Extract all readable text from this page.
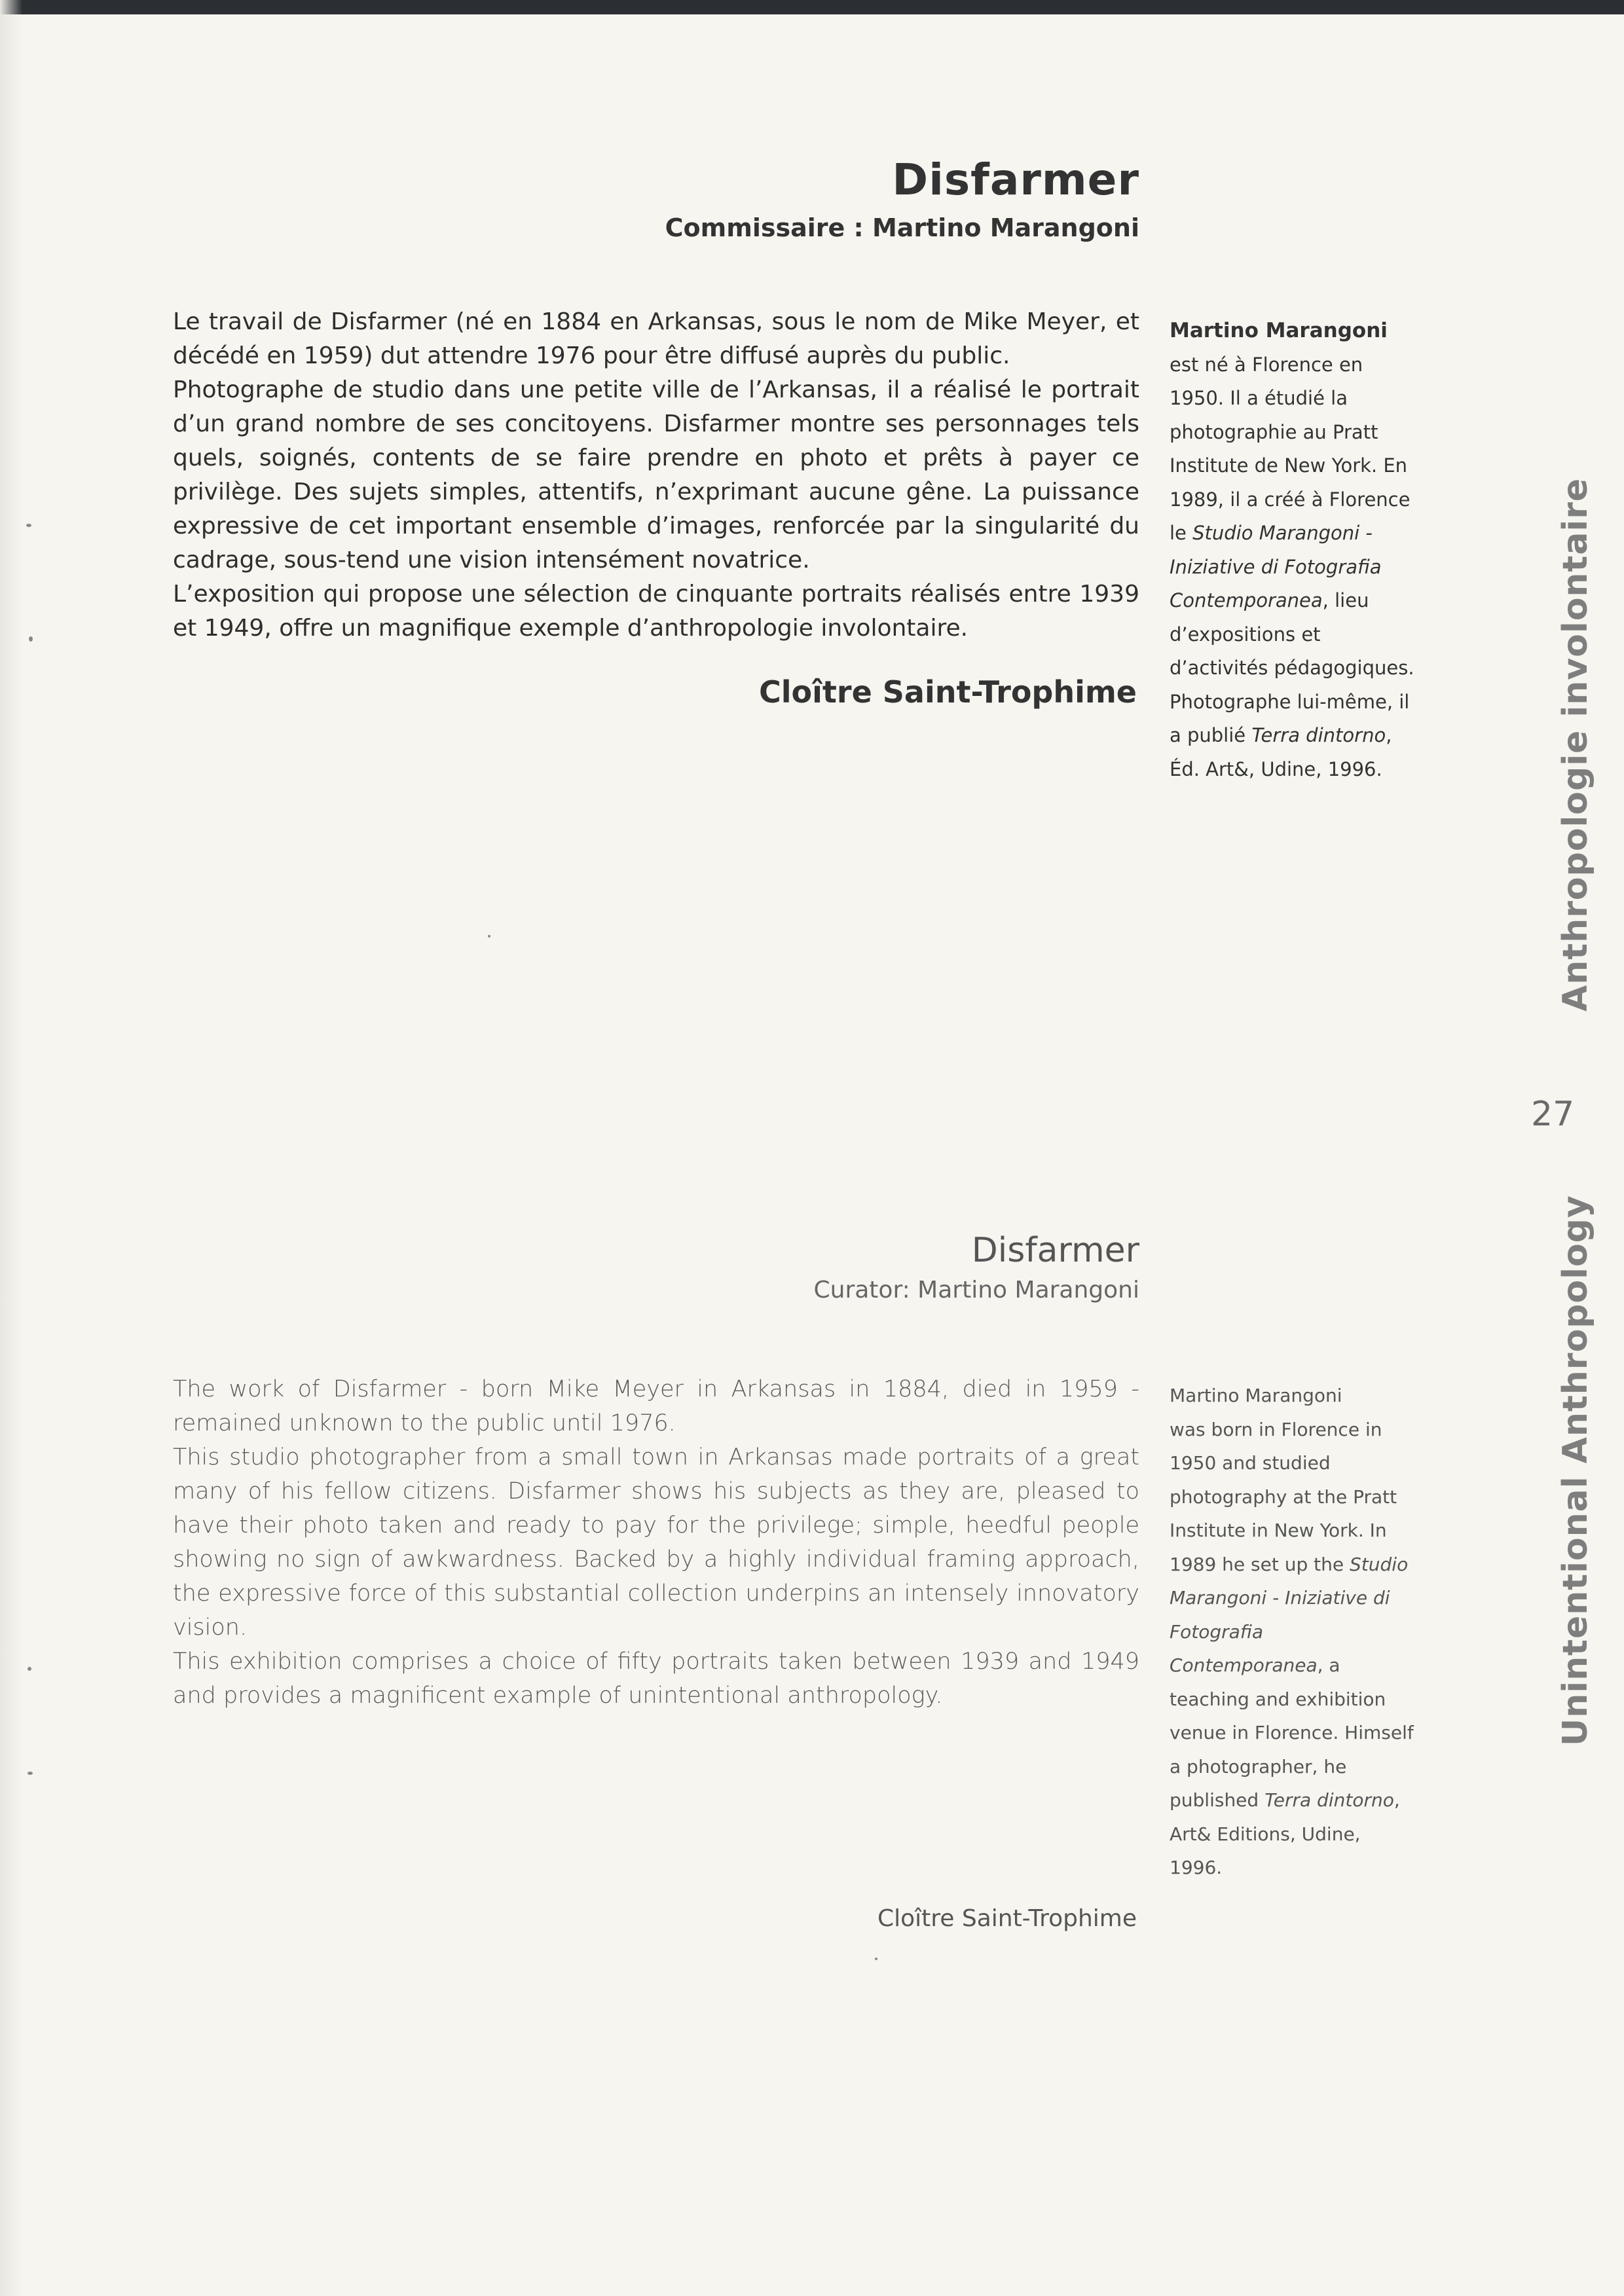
Disfarmer
Commissaire : Martino Marangoni

Le travail de Disfarmer (né en 1884 en Arkansas, sous le nom de Mike Meyer, et décédé en 1959) dut attendre 1976 pour être diffusé auprès du public.

Photographe de studio dans une petite ville de l’Arkansas, il a réalisé le portrait d’un grand nombre de ses concitoyens. Disfarmer montre ses personnages tels quels, soignés, contents de se faire prendre en photo et prêts à payer ce privilège. Des sujets simples, attentifs, n’exprimant aucune gêne. La puissance expressive de cet important ensemble d’images, renforcée par la singularité du cadrage, sous-tend une vision intensément novatrice.

L’exposition qui propose une sélection de cinquante portraits réalisés entre 1939 et 1949, offre un magnifique exemple d’anthropologie involontaire.

Cloître Saint-Trophime
Martino Marangoni
est né à Florence en 1950. Il a étudié la photographie au Pratt Institute de New York. En 1989, il a créé à Florence le Studio Marangoni - Iniziative di Fotografia Contemporanea, lieu d’expositions et d’activités pédagogiques. Photographe lui-même, il a publié Terra dintorno, Éd. Art&, Udine, 1996.	Anthropologie involontaire
27
Unintentional Anthropology
Disfarmer
Curator: Martino Marangoni

The work of Disfarmer - born Mike Meyer in Arkansas in 1884, died in 1959 - remained unknown to the public until 1976.

This studio photographer from a small town in Arkansas made portraits of a great many of his fellow citizens. Disfarmer shows his subjects as they are, pleased to have their photo taken and ready to pay for the privilege; simple, heedful people showing no sign of awkwardness. Backed by a highly individual framing approach, the expressive force of this substantial collection underpins an intensely innovatory vision.

This exhibition comprises a choice of fifty portraits taken between 1939 and 1949 and provides a magnificent example of unintentional anthropology.

Martino Marangoni
was born in Florence in 1950 and studied photography at the Pratt Institute in New York. In 1989 he set up the Studio Marangoni - Iniziative di Fotografia Contemporanea, a teaching and exhibition venue in Florence. Himself a photographer, he published Terra dintorno, Art& Editions, Udine, 1996.
Cloître Saint-Trophime
